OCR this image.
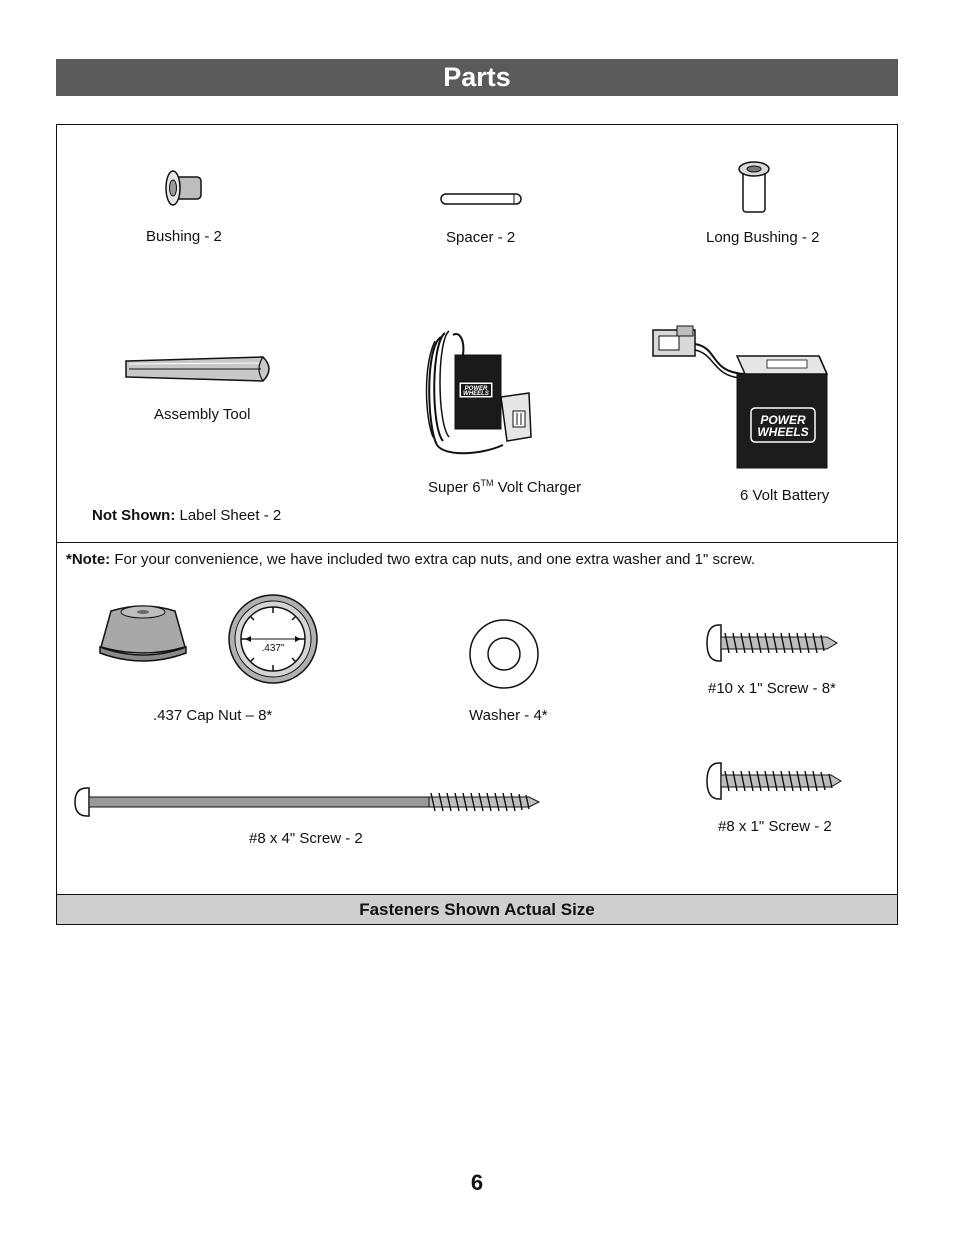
Parts
Bushing - 2	Spacer - 2	Long Bushing - 2
Assembly Tool
POWER
WHEELS
Super 6™ Volt Charger
POWER
WHEELS
6 Volt Battery
Not Shown: Label Sheet - 2
*Note: For your convenience, we have included two extra cap nuts, and one extra washer and 1" screw.
.437"
.437 Cap Nut – 8*	Washer - 4*
#10 x 1" Screw - 8*
#8 x 4" Screw - 2
#8 x 1" Screw - 2
Fasteners Shown Actual Size
6
